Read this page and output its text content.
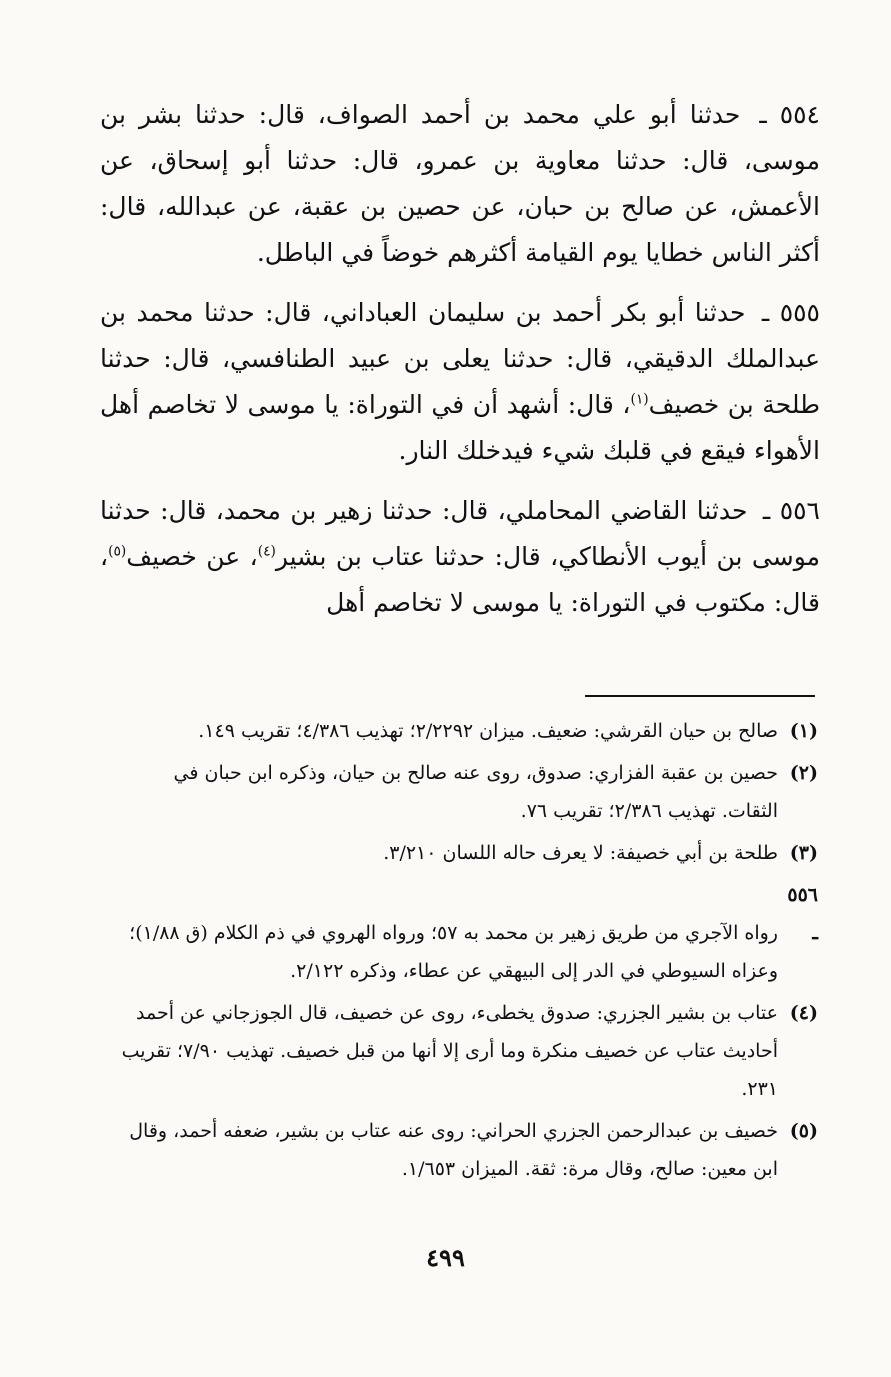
٥٥٤ ـ حدثنا أبو علي محمد بن أحمد الصواف، قال: حدثنا بشر بن موسى، قال: حدثنا معاوية بن عمرو، قال: حدثنا أبو إسحاق، عن الأعمش، عن صالح بن حبان، عن حصين بن عقبة، عن عبدالله، قال: أكثر الناس خطايا يوم القيامة أكثرهم خوضاً في الباطل.

٥٥٥ ـ حدثنا أبو بكر أحمد بن سليمان العباداني، قال: حدثنا محمد بن عبدالملك الدقيقي، قال: حدثنا يعلى بن عبيد الطنافسي، قال: حدثنا طلحة بن خصيف$^{(١)}$، قال: أشهد أن في التوراة: يا موسى لا تخاصم أهل الأهواء فيقع في قلبك شيء فيدخلك النار.

٥٥٦ ـ حدثنا القاضي المحاملي، قال: حدثنا زهير بن محمد، قال: حدثنا موسى بن أيوب الأنطاكي، قال: حدثنا عتاب بن بشير$^{(٤)}$، عن خصيف$^{(٥)}$، قال: مكتوب في التوراة: يا موسى لا تخاصم أهل

(١)صالح بن حيان القرشي: ضعيف. ميزان ٢/٢٢٩٢؛ تهذيب ٤/٣٨٦؛ تقريب ١٤٩.

(٢)حصين بن عقبة الفزاري: صدوق، روى عنه صالح بن حيان، وذكره ابن حبان في الثقات. تهذيب ٢/٣٨٦؛ تقريب ٧٦.

(٣)طلحة بن أبي خصيفة: لا يعرف حاله اللسان ٣/٢١٠.

٥٥٦ ـرواه الآجري من طريق زهير بن محمد به ٥٧؛ ورواه الهروي في ذم الكلام (ق ١/٨٨)؛ وعزاه السيوطي في الدر إلى البيهقي عن عطاء، وذكره ٢/١٢٢.

(٤)عتاب بن بشير الجزري: صدوق يخطىء، روى عن خصيف، قال الجوزجاني عن أحمد أحاديث عتاب عن خصيف منكرة وما أرى إلا أنها من قبل خصيف. تهذيب ٧/٩٠؛ تقريب ٢٣١.

(٥)خصيف بن عبدالرحمن الجزري الحراني: روى عنه عتاب بن بشير، ضعفه أحمد، وقال ابن معين: صالح، وقال مرة: ثقة. الميزان ١/٦٥٣.

٤٩٩
